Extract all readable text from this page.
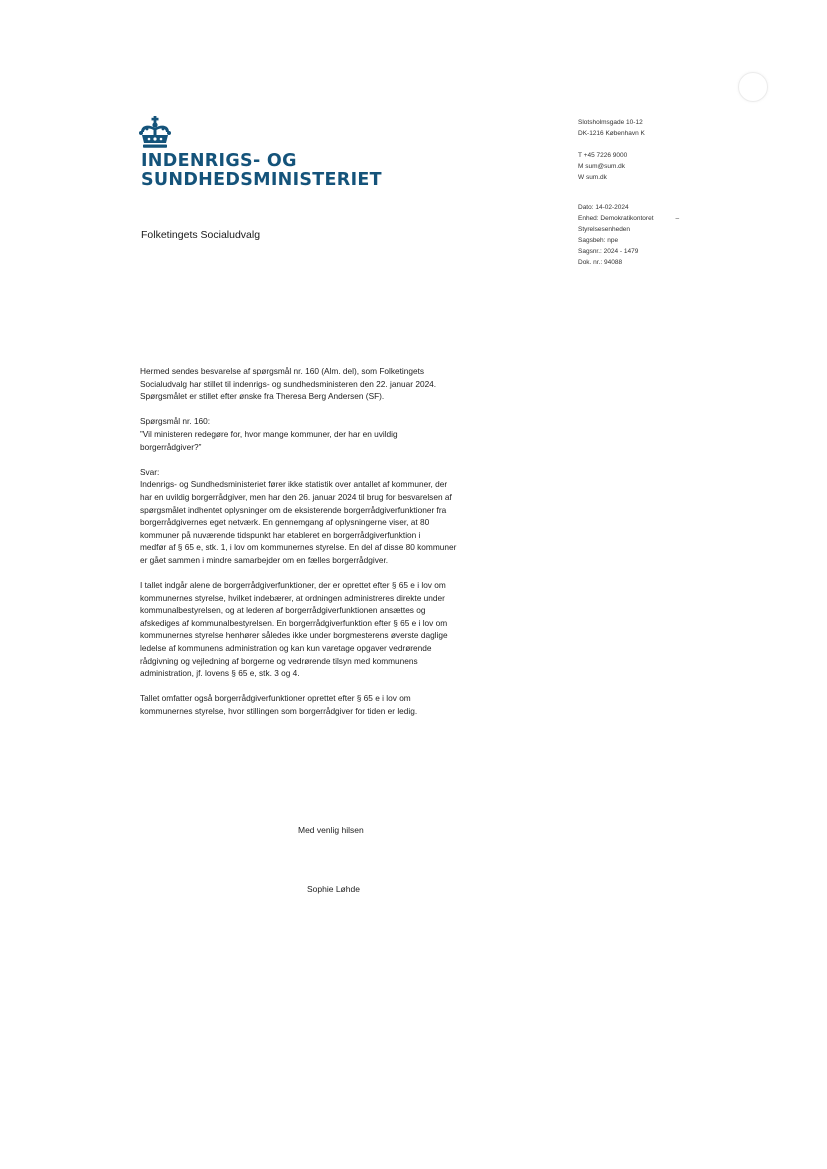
INDENRIGS- OG
SUNDHEDSMINISTERIET
Folketingets Socialudvalg
Slotsholmsgade 10-12
DK-1216 København K
T +45 7226 9000
M sum@sum.dk
W sum.dk
Dato: 14-02-2024
Enhed: Demokratikontoret	–
Styrelsesenheden
Sagsbeh: npe
Sagsnr.: 2024 - 1479
Dok. nr.: 94088

Hermed sendes besvarelse af spørgsmål nr. 160 (Alm. del), som Folketingets
Socialudvalg har stillet til indenrigs- og sundhedsministeren den 22. januar 2024.
Spørgsmålet er stillet efter ønske fra Theresa Berg Andersen (SF).

Spørgsmål nr. 160:
”Vil ministeren redegøre for, hvor mange kommuner, der har en uvildig
borgerrådgiver?”

Svar:
Indenrigs- og Sundhedsministeriet fører ikke statistik over antallet af kommuner, der
har en uvildig borgerrådgiver, men har den 26. januar 2024 til brug for besvarelsen af
spørgsmålet indhentet oplysninger om de eksisterende borgerrådgiverfunktioner fra
borgerrådgivernes eget netværk. En gennemgang af oplysningerne viser, at 80
kommuner på nuværende tidspunkt har etableret en borgerrådgiverfunktion i
medfør af § 65 e, stk. 1, i lov om kommunernes styrelse. En del af disse 80 kommuner
er gået sammen i mindre samarbejder om en fælles borgerrådgiver.

I tallet indgår alene de borgerrådgiverfunktioner, der er oprettet efter § 65 e i lov om
kommunernes styrelse, hvilket indebærer, at ordningen administreres direkte under
kommunalbestyrelsen, og at lederen af borgerrådgiverfunktionen ansættes og
afskediges af kommunalbestyrelsen. En borgerrådgiverfunktion efter § 65 e i lov om
kommunernes styrelse henhører således ikke under borgmesterens øverste daglige
ledelse af kommunens administration og kan kun varetage opgaver vedrørende
rådgivning og vejledning af borgerne og vedrørende tilsyn med kommunens
administration, jf. lovens § 65 e, stk. 3 og 4.

Tallet omfatter også borgerrådgiverfunktioner oprettet efter § 65 e i lov om
kommunernes styrelse, hvor stillingen som borgerrådgiver for tiden er ledig.

Med venlig hilsen
Sophie Løhde
